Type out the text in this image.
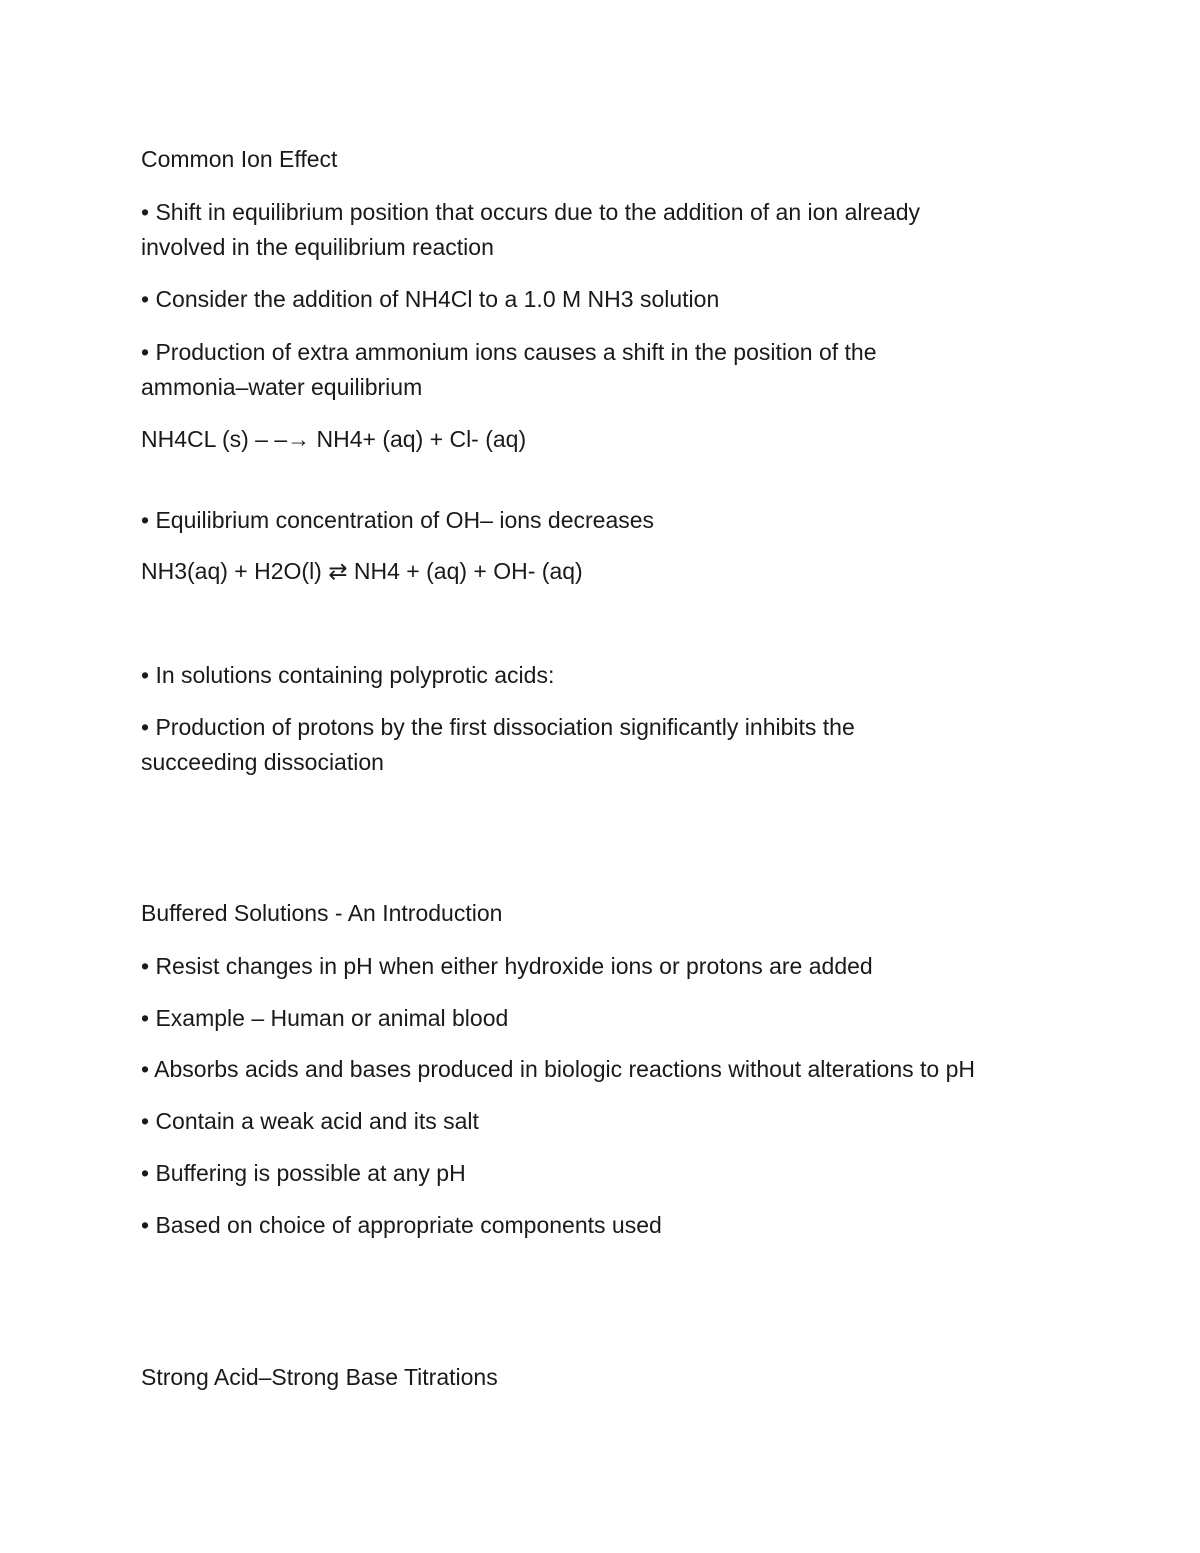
Common Ion Effect

• Shift in equilibrium position that occurs due to the addition of an ion already

involved in the equilibrium reaction

• Consider the addition of NH4Cl to a 1.0 M NH3 solution

• Production of extra ammonium ions causes a shift in the position of the

ammonia–water equilibrium

NH4CL (s) – –→ NH4+ (aq) + Cl- (aq)

• Equilibrium concentration of OH– ions decreases

NH3(aq) + H2O(l) ⇄ NH4 + (aq) + OH- (aq)

• In solutions containing polyprotic acids:

• Production of protons by the first dissociation significantly inhibits the

succeeding dissociation

Buffered Solutions - An Introduction

• Resist changes in pH when either hydroxide ions or protons are added

• Example – Human or animal blood

• Absorbs acids and bases produced in biologic reactions without alterations to pH

• Contain a weak acid and its salt

• Buffering is possible at any pH

• Based on choice of appropriate components used

Strong Acid–Strong Base Titrations
